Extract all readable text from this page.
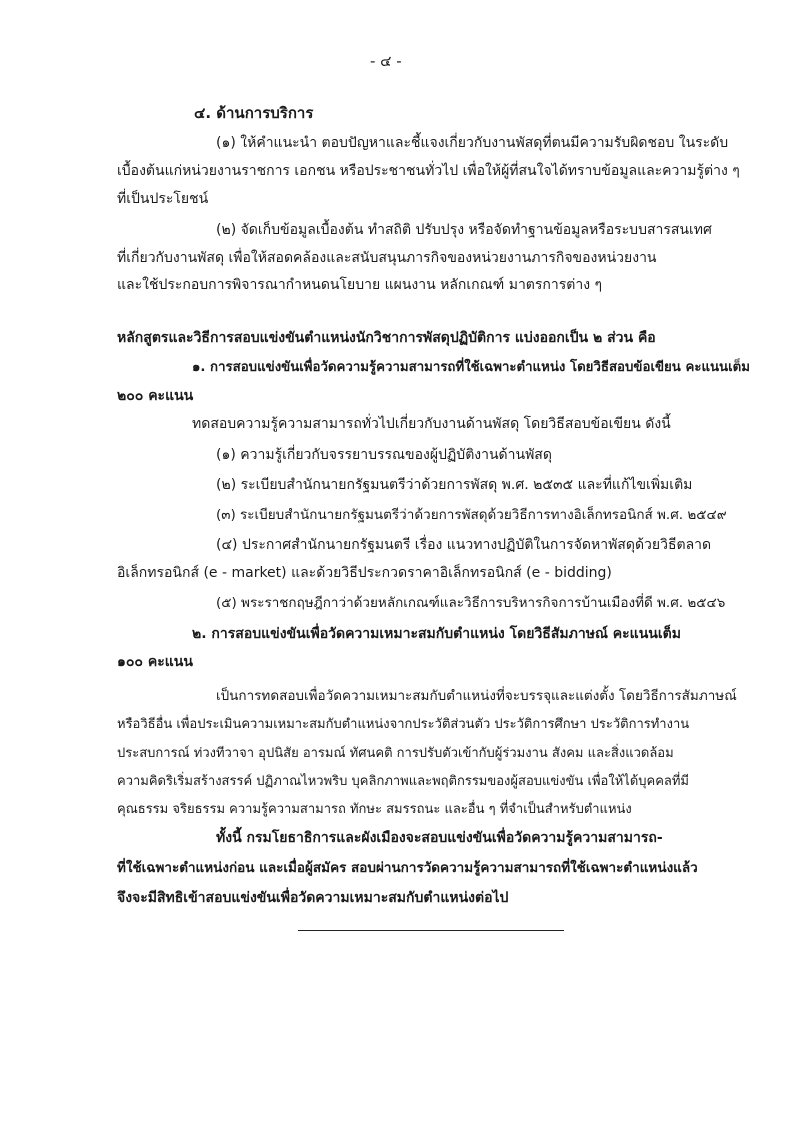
- ๔ -

๔. ด้านการบริการ

(๑) ให้คำแนะนำ ตอบปัญหาและชี้แจงเกี่ยวกับงานพัสดุที่ตนมีความรับผิดชอบ ในระดับ

เบื้องต้นแก่หน่วยงานราชการ เอกชน หรือประชาชนทั่วไป เพื่อให้ผู้ที่สนใจได้ทราบข้อมูลและความรู้ต่าง ๆ

ที่เป็นประโยชน์

(๒) จัดเก็บข้อมูลเบื้องต้น ทำสถิติ ปรับปรุง หรือจัดทำฐานข้อมูลหรือระบบสารสนเทศ

ที่เกี่ยวกับงานพัสดุ เพื่อให้สอดคล้องและสนับสนุนภารกิจของหน่วยงานภารกิจของหน่วยงาน

และใช้ประกอบการพิจารณากำหนดนโยบาย แผนงาน หลักเกณฑ์ มาตรการต่าง ๆ

หลักสูตรและวิธีการสอบแข่งขันตำแหน่งนักวิชาการพัสดุปฏิบัติการ แบ่งออกเป็น ๒ ส่วน คือ

๑. การสอบแข่งขันเพื่อวัดความรู้ความสามารถที่ใช้เฉพาะตำแหน่ง โดยวิธีสอบข้อเขียน คะแนนเต็ม

๒๐๐ คะแนน

ทดสอบความรู้ความสามารถทั่วไปเกี่ยวกับงานด้านพัสดุ โดยวิธีสอบข้อเขียน ดังนี้

(๑) ความรู้เกี่ยวกับจรรยาบรรณของผู้ปฏิบัติงานด้านพัสดุ

(๒) ระเบียบสำนักนายกรัฐมนตรีว่าด้วยการพัสดุ พ.ศ. ๒๕๓๕ และที่แก้ไขเพิ่มเติม

(๓) ระเบียบสำนักนายกรัฐมนตรีว่าด้วยการพัสดุด้วยวิธีการทางอิเล็กทรอนิกส์ พ.ศ. ๒๕๔๙

(๔) ประกาศสำนักนายกรัฐมนตรี เรื่อง แนวทางปฏิบัติในการจัดหาพัสดุด้วยวิธีตลาด

อิเล็กทรอนิกส์ (e - market) และด้วยวิธีประกวดราคาอิเล็กทรอนิกส์ (e - bidding)

(๕) พระราชกฤษฎีกาว่าด้วยหลักเกณฑ์และวิธีการบริหารกิจการบ้านเมืองที่ดี พ.ศ. ๒๕๔๖

๒. การสอบแข่งขันเพื่อวัดความเหมาะสมกับตำแหน่ง โดยวิธีสัมภาษณ์ คะแนนเต็ม

๑๐๐ คะแนน

เป็นการทดสอบเพื่อวัดความเหมาะสมกับตำแหน่งที่จะบรรจุและแต่งตั้ง โดยวิธีการสัมภาษณ์

หรือวิธีอื่น เพื่อประเมินความเหมาะสมกับตำแหน่งจากประวัติส่วนตัว ประวัติการศึกษา ประวัติการทำงาน

ประสบการณ์ ท่วงทีวาจา อุปนิสัย อารมณ์ ทัศนคติ การปรับตัวเข้ากับผู้ร่วมงาน สังคม และสิ่งแวดล้อม

ความคิดริเริ่มสร้างสรรค์ ปฏิภาณไหวพริบ บุคลิกภาพและพฤติกรรมของผู้สอบแข่งขัน เพื่อให้ได้บุคคลที่มี

คุณธรรม จริยธรรม ความรู้ความสามารถ ทักษะ สมรรถนะ และอื่น ๆ ที่จำเป็นสำหรับตำแหน่ง

ทั้งนี้ กรมโยธาธิการและผังเมืองจะสอบแข่งขันเพื่อวัดความรู้ความสามารถ-

ที่ใช้เฉพาะตำแหน่งก่อน และเมื่อผู้สมัคร สอบผ่านการวัดความรู้ความสามารถที่ใช้เฉพาะตำแหน่งแล้ว

จึงจะมีสิทธิเข้าสอบแข่งขันเพื่อวัดความเหมาะสมกับตำแหน่งต่อไป
